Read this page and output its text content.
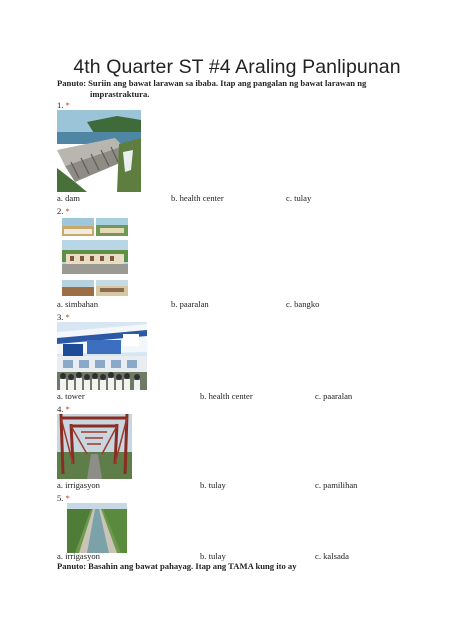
4th Quarter ST #4 Araling Panlipunan
Panuto: Suriin ang bawat larawan sa ibaba. Itap ang pangalan ng bawat larawan ng
imprastraktura.
1. *
a. dam	b. health center	c. tulay
2. *
a. simbahan	b. paaralan	c. bangko
3. *
a. tower	b. health center	c. paaralan
4. *
a. irrigasyon	b. tulay	c. pamilihan
5. *
a. irrigasyon	b. tulay	c. kalsada
Panuto: Basahin ang bawat pahayag. Itap ang TAMA kung ito ay
